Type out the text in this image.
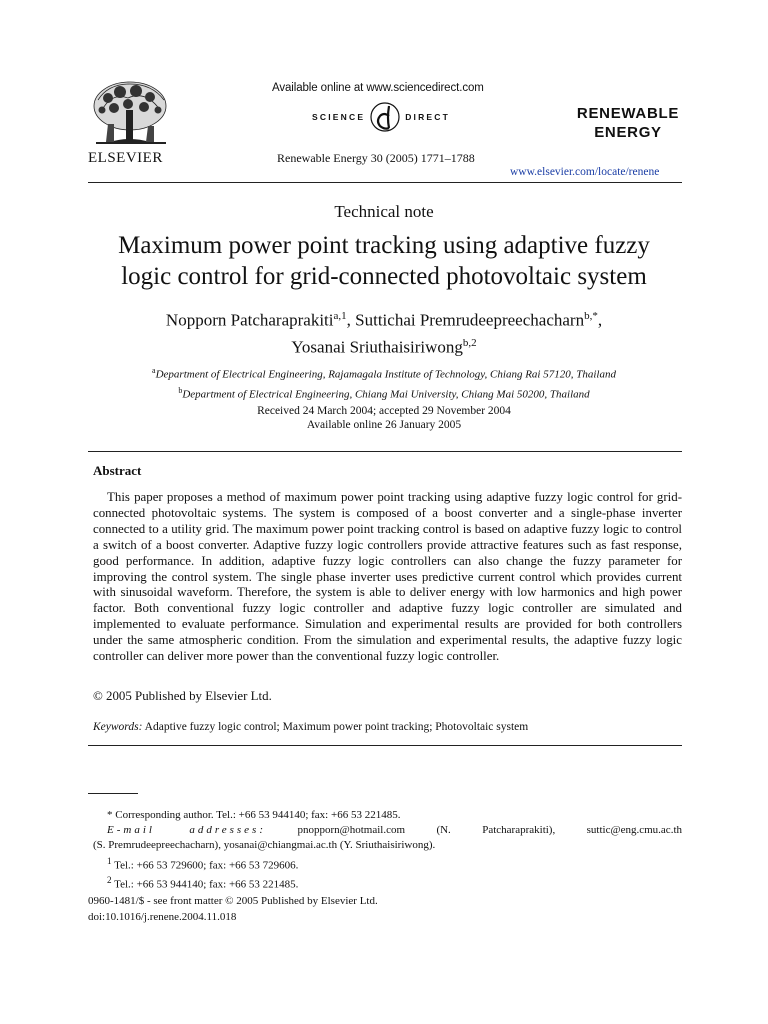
ELSEVIER
Available online at www.sciencedirect.com
SCIENCE	DIRECT
Renewable Energy 30 (2005) 1771–1788
RENEWABLE
ENERGY
www.elsevier.com/locate/renene
Technical note
Maximum power point tracking using adaptive fuzzy
logic control for grid-connected photovoltaic system
Nopporn Patcharaprakiti$^{a,1}$, Suttichai Premrudeepreechacharn$^{b,*}$,
Yosanai Sriuthaisiriwong$^{b,2}$
$^a$Department of Electrical Engineering, Rajamagala Institute of Technology, Chiang Rai 57120, Thailand
$^b$Department of Electrical Engineering, Chiang Mai University, Chiang Mai 50200, Thailand
Received 24 March 2004; accepted 29 November 2004
Available online 26 January 2005
Abstract

This paper proposes a method of maximum power point tracking using adaptive fuzzy logic control for grid-connected photovoltaic systems. The system is composed of a boost converter and a single-phase inverter connected to a utility grid. The maximum power point tracking control is based on adaptive fuzzy logic to control a switch of a boost converter. Adaptive fuzzy logic controllers provide attractive features such as fast response, good performance. In addition, adaptive fuzzy logic controllers can also change the fuzzy parameter for improving the control system. The single phase inverter uses predictive current control which provides current with sinusoidal waveform. Therefore, the system is able to deliver energy with low harmonics and high power factor. Both conventional fuzzy logic controller and adaptive fuzzy logic controller are simulated and implemented to evaluate performance. Simulation and experimental results are provided for both controllers under the same atmospheric condition. From the simulation and experimental results, the adaptive fuzzy logic controller can deliver more power than the conventional fuzzy logic controller.

© 2005 Published by Elsevier Ltd.
Keywords: Adaptive fuzzy logic control; Maximum power point tracking; Photovoltaic system

* Corresponding author. Tel.: +66 53 944140; fax: +66 53 221485.

E-mail addresses:	pnopporn@hotmail.com (N. Patcharaprakiti), suttic@eng.cmu.ac.th

(S. Premrudeepreechacharn), yosanai@chiangmai.ac.th (Y. Sriuthaisiriwong).

$^1$ Tel.: +66 53 729600; fax: +66 53 729606.

$^2$ Tel.: +66 53 944140; fax: +66 53 221485.

0960-1481/$ - see front matter © 2005 Published by Elsevier Ltd.
doi:10.1016/j.renene.2004.11.018
